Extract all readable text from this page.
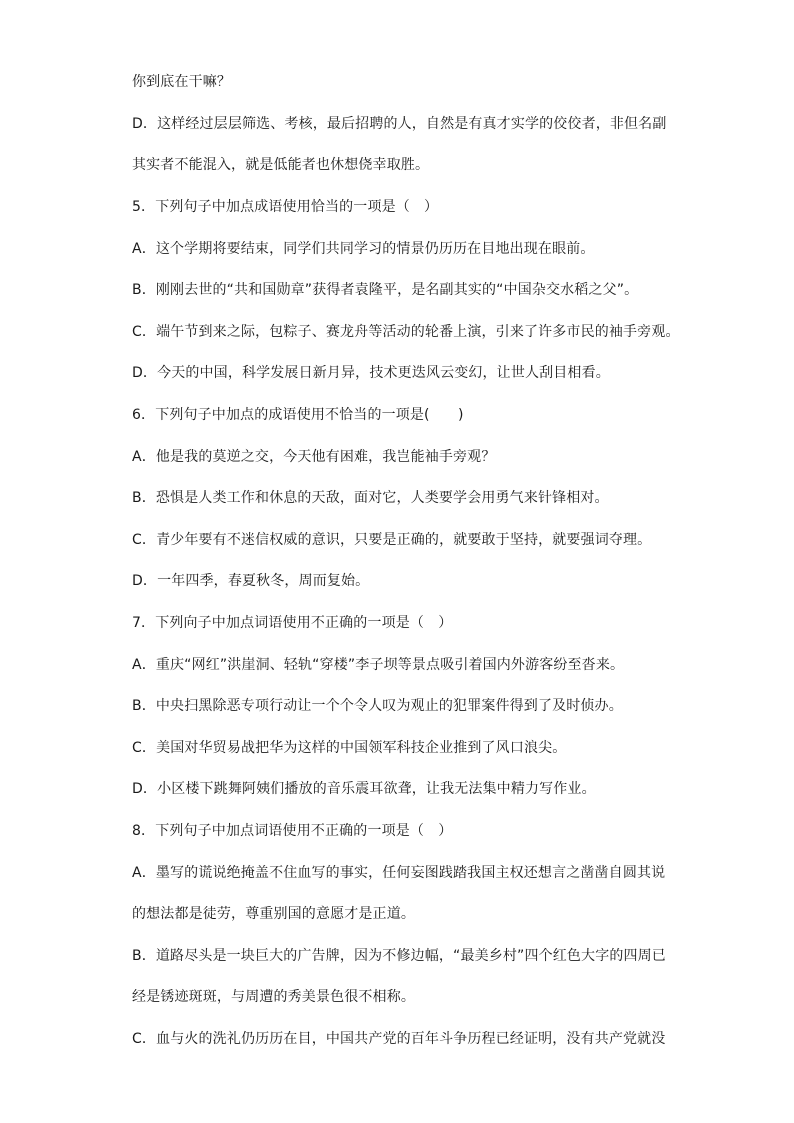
你到底在干嘛？
D．这样经过层层筛选、考核，最后招聘的人，自然是有真才实学的佼佼者，非但名副
其实者不能混入，就是低能者也休想侥幸取胜。
5．下列句子中加点成语使用恰当的一项是（　）
A．这个学期将要结束，同学们共同学习的情景仍历历在目地出现在眼前。
B．刚刚去世的“共和国勋章”获得者袁隆平，是名副其实的“中国杂交水稻之父”。
C．端午节到来之际，包粽子、赛龙舟等活动的轮番上演，引来了许多市民的袖手旁观。
D．今天的中国，科学发展日新月异，技术更迭风云变幻，让世人刮目相看。
6．下列句子中加点的成语使用不恰当的一项是(　　)
A．他是我的莫逆之交，今天他有困难，我岂能袖手旁观？
B．恐惧是人类工作和休息的天敌，面对它，人类要学会用勇气来针锋相对。
C．青少年要有不迷信权威的意识，只要是正确的，就要敢于坚持，就要强词夺理。
D．一年四季，春夏秋冬，周而复始。
7．下列向子中加点词语使用不正确的一项是（　）
A．重庆“网红”洪崖洞、轻轨“穿楼”李子坝等景点吸引着国内外游客纷至沓来。
B．中央扫黑除恶专项行动让一个个令人叹为观止的犯罪案件得到了及时侦办。
C．美国对华贸易战把华为这样的中国领军科技企业推到了风口浪尖。
D．小区楼下跳舞阿姨们播放的音乐震耳欲聋，让我无法集中精力写作业。
8．下列句子中加点词语使用不正确的一项是（　）
A．墨写的谎说绝掩盖不住血写的事实，任何妄图践踏我国主权还想言之凿凿自圆其说
的想法都是徒劳，尊重别国的意愿才是正道。
B．道路尽头是一块巨大的广告牌，因为不修边幅，“最美乡村”四个红色大字的四周已
经是锈迹斑斑，与周遭的秀美景色很不相称。
C．血与火的洗礼仍历历在目，中国共产党的百年斗争历程已经证明，没有共产党就没
